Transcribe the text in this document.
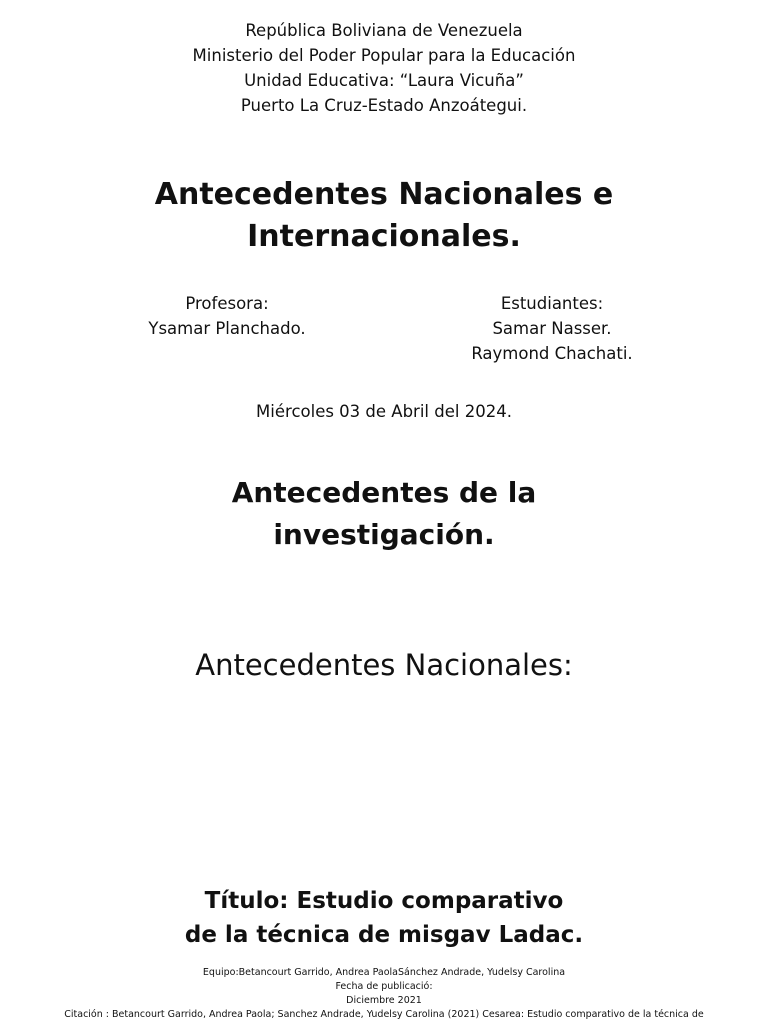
República Boliviana de Venezuela
Ministerio del Poder Popular para la Educación
Unidad Educativa: “Laura Vicuña”
Puerto La Cruz-Estado Anzoátegui.
Antecedentes Nacionales e
Internacionales.
Profesora:
Ysamar Planchado.
Estudiantes:
Samar Nasser.
Raymond Chachati.
Miércoles 03 de Abril del 2024.
Antecedentes de la
investigación.
Antecedentes Nacionales:
Título: Estudio comparativo
de la técnica de misgav Ladac.
Equipo:Betancourt Garrido, Andrea PaolaSánchez Andrade, Yudelsy Carolina
Fecha de publicació:
Diciembre 2021
Citación : Betancourt Garrido, Andrea Paola; Sanchez Andrade, Yudelsy Carolina (2021) Cesarea: Estudio comparativo de la técnica de
